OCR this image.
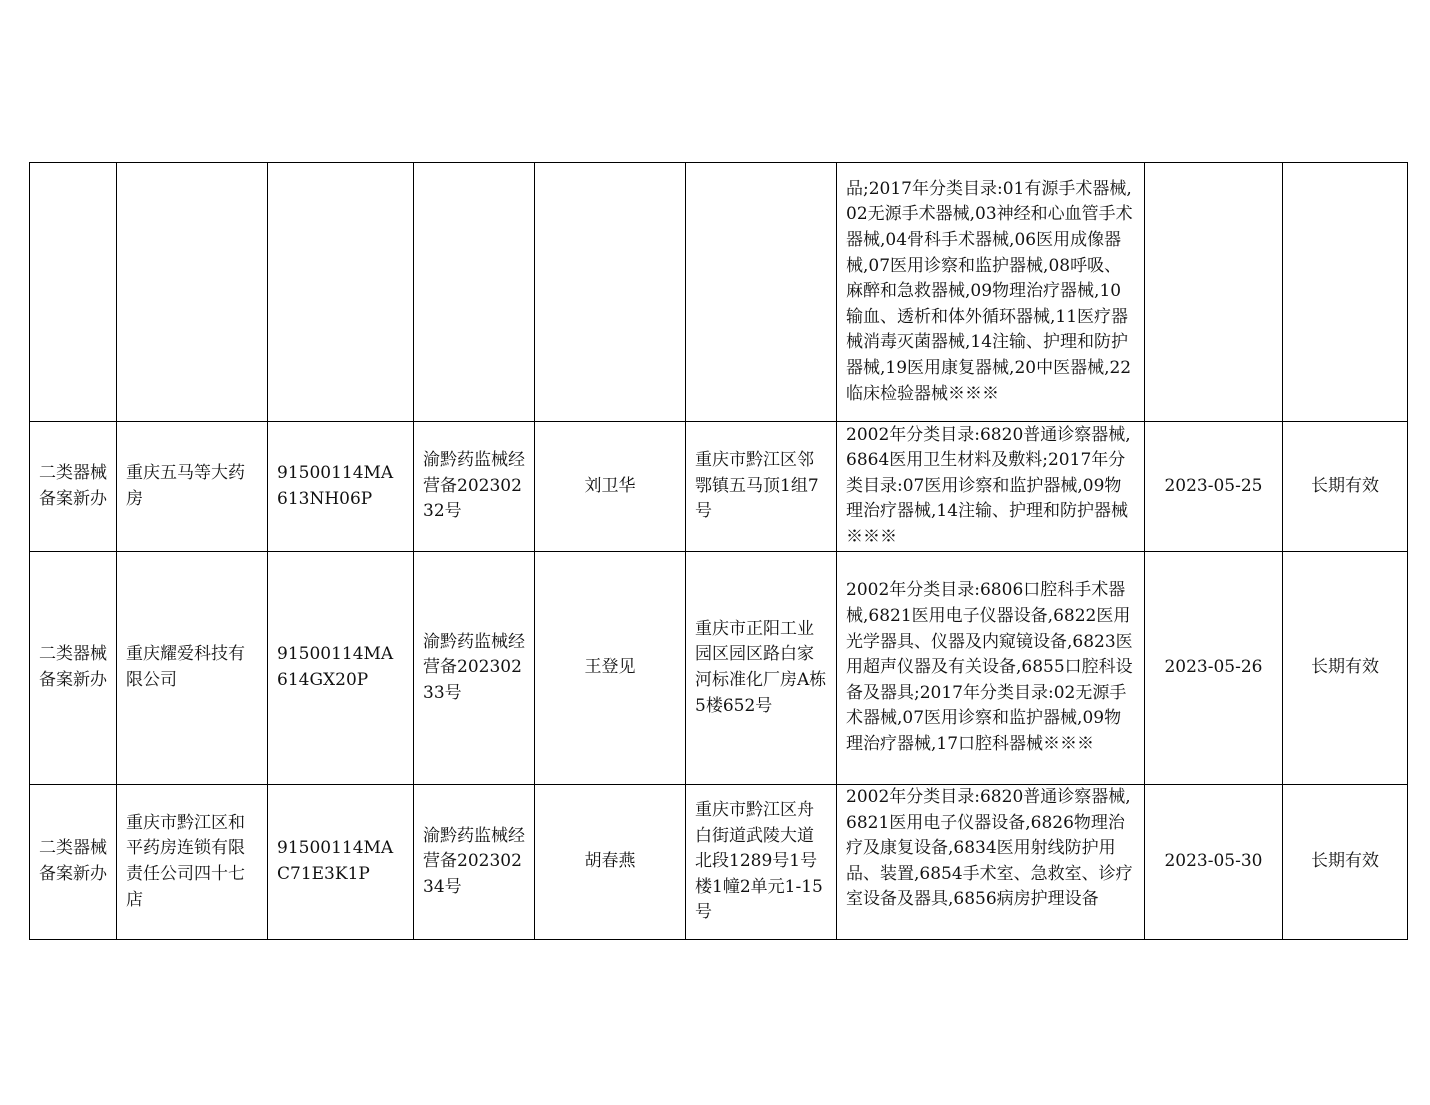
						品;2017年分类目录:01有源手术器械,02无源手术器械,03神经和心血管手术器械,04骨科手术器械,06医用成像器械,07医用诊察和监护器械,08呼吸、麻醉和急救器械,09物理治疗器械,10输血、透析和体外循环器械,11医疗器械消毒灭菌器械,14注输、护理和防护器械,19医用康复器械,20中医器械,22临床检验器械※※※		
二类器械备案新办	重庆五马等大药房	91500114MA613NH06P	渝黔药监械经营备20230232号	刘卫华	重庆市黔江区邻鄂镇五马顶1组7号	2002年分类目录:6820普通诊察器械,6864医用卫生材料及敷料;2017年分类目录:07医用诊察和监护器械,09物理治疗器械,14注输、护理和防护器械※※※	2023-05-25	长期有效
二类器械备案新办	重庆耀爱科技有限公司	91500114MA614GX20P	渝黔药监械经营备20230233号	王登见	重庆市正阳工业园区园区路白家河标准化厂房A栋5楼652号	2002年分类目录:6806口腔科手术器械,6821医用电子仪器设备,6822医用光学器具、仪器及内窥镜设备,6823医用超声仪器及有关设备,6855口腔科设备及器具;2017年分类目录:02无源手术器械,07医用诊察和监护器械,09物理治疗器械,17口腔科器械※※※	2023-05-26	长期有效
二类器械备案新办	重庆市黔江区和平药房连锁有限责任公司四十七店	91500114MAC71E3K1P	渝黔药监械经营备20230234号	胡春燕	重庆市黔江区舟白街道武陵大道北段1289号1号楼1幢2单元1-15号	2002年分类目录:6820普通诊察器械,6821医用电子仪器设备,6826物理治疗及康复设备,6834医用射线防护用品、装置,6854手术室、急救室、诊疗室设备及器具,6856病房护理设备	2023-05-30	长期有效
